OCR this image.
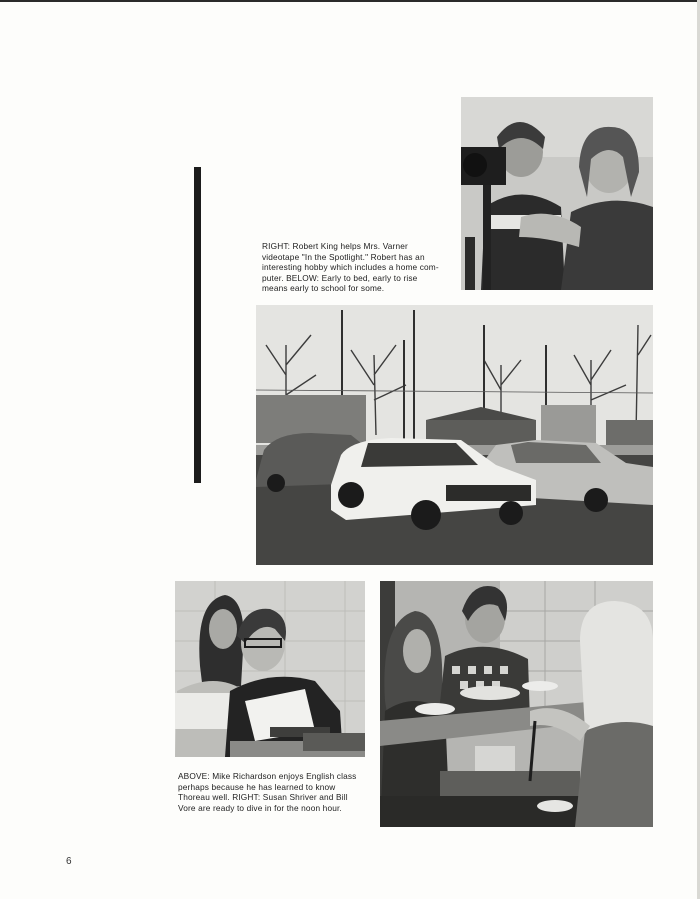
RIGHT: Robert King helps Mrs. Varner
videotape "In the Spotlight." Robert has an
interesting hobby which includes a home com-
puter. BELOW: Early to bed, early to rise
means early to school for some.
ABOVE: Mike Richardson enjoys English class
perhaps because he has learned to know
Thoreau well. RIGHT: Susan Shriver and Bill
Vore are ready to dive in for the noon hour.
6
